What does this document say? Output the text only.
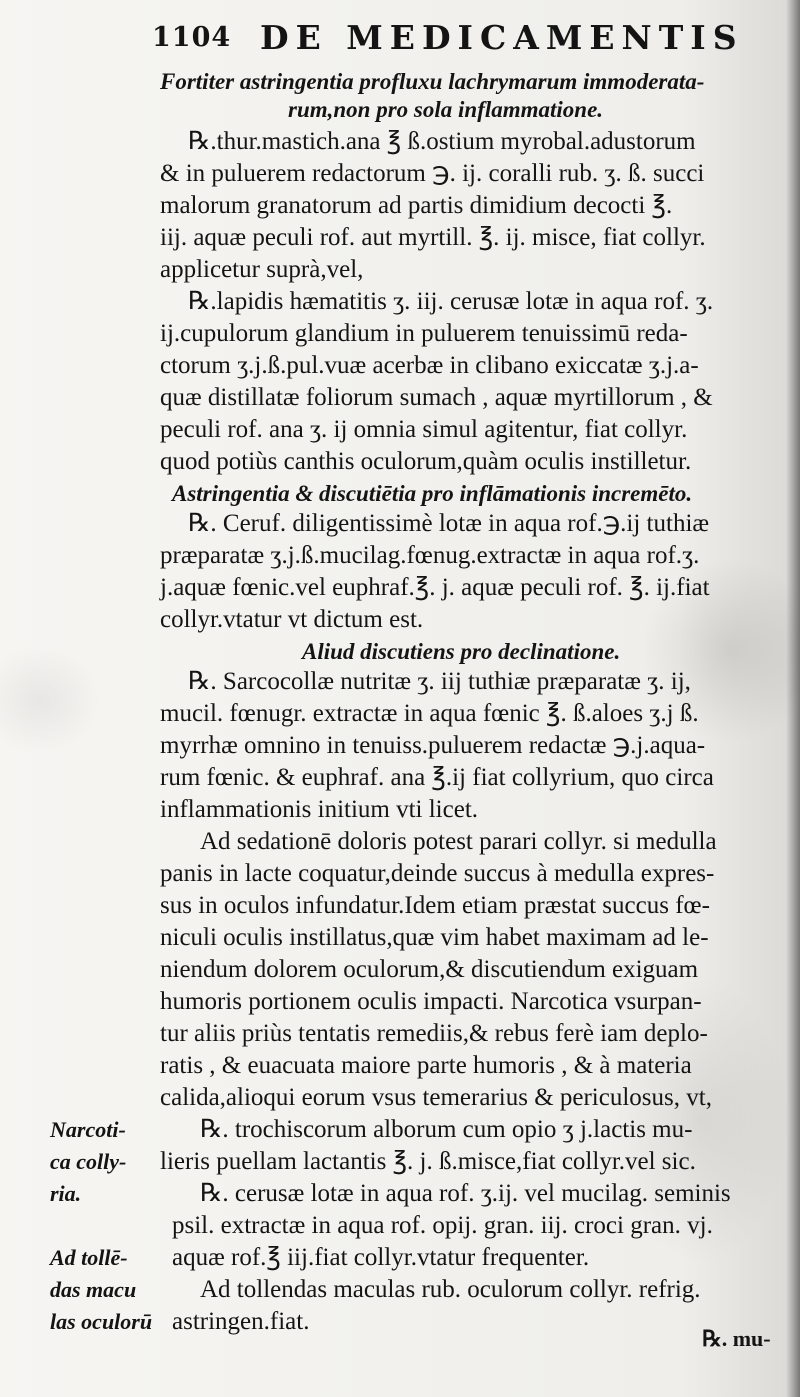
1104 DE MEDICAMENTIS
Fortiter astringentia profluxu lachrymarum immoderata-
rum,non pro sola inflammatione.
℞.thur.mastich.ana ℥ ß.ostium myrobal.adustorum
& in puluerem redactorum ℈. ij. coralli rub. ʒ. ß. succi
malorum granatorum ad partis dimidium decocti ℥.
iij. aquæ peculi rof. aut myrtill. ℥. ij. misce, fiat collyr.
applicetur suprà,vel,
℞.lapidis hæmatitis ʒ. iij. cerusæ lotæ in aqua rof. ʒ.
ij.cupulorum glandium in puluerem tenuissimū reda-
ctorum ʒ.j.ß.pul.vuæ acerbæ in clibano exiccatæ ʒ.j.a-
quæ distillatæ foliorum sumach , aquæ myrtillorum , &
peculi rof. ana ʒ. ij omnia simul agitentur, fiat collyr.
quod potiùs canthis oculorum,quàm oculis instilletur.
Astringentia & discutiētia pro inflāmationis incremēto.
℞. Ceruf. diligentissimè lotæ in aqua rof.℈.ij tuthiæ
præparatæ ʒ.j.ß.mucilag.fœnug.extractæ in aqua rof.ʒ.
j.aquæ fœnic.vel euphraf.℥. j. aquæ peculi rof. ℥. ij.fiat
collyr.vtatur vt dictum est.
Aliud discutiens pro declinatione.
℞. Sarcocollæ nutritæ ʒ. iij tuthiæ præparatæ ʒ. ij,
mucil. fœnugr. extractæ in aqua fœnic ℥. ß.aloes ʒ.j ß.
myrrhæ omnino in tenuiss.puluerem redactæ ℈.j.aqua-
rum fœnic. & euphraf. ana ℥.ij fiat collyrium, quo circa
inflammationis initium vti licet.
Ad sedationē doloris potest parari collyr. si medulla
panis in lacte coquatur,deinde succus à medulla expres-
sus in oculos infundatur.Idem etiam præstat succus fœ-
niculi oculis instillatus,quæ vim habet maximam ad le-
niendum dolorem oculorum,& discutiendum exiguam
humoris portionem oculis impacti. Narcotica vsurpan-
tur aliis priùs tentatis remediis,& rebus ferè iam deplo-
ratis , & euacuata maiore parte humoris , & à materia
calida,alioqui eorum vsus temerarius & periculosus, vt,
℞. trochiscorum alborum cum opio ʒ j.lactis mu-
lieris puellam lactantis ℥. j. ß.misce,fiat collyr.vel sic.
℞. cerusæ lotæ in aqua rof. ʒ.ij. vel mucilag. seminis
psil. extractæ in aqua rof. opij. gran. iij. croci gran. vj.
aquæ rof.℥ iij.fiat collyr.vtatur frequenter.
Ad tollendas maculas rub. oculorum collyr. refrig.
astringen.fiat.
Narcoti-
ca colly-
ria.
Ad tollē-
das macu
las oculorū
℞. mu-
